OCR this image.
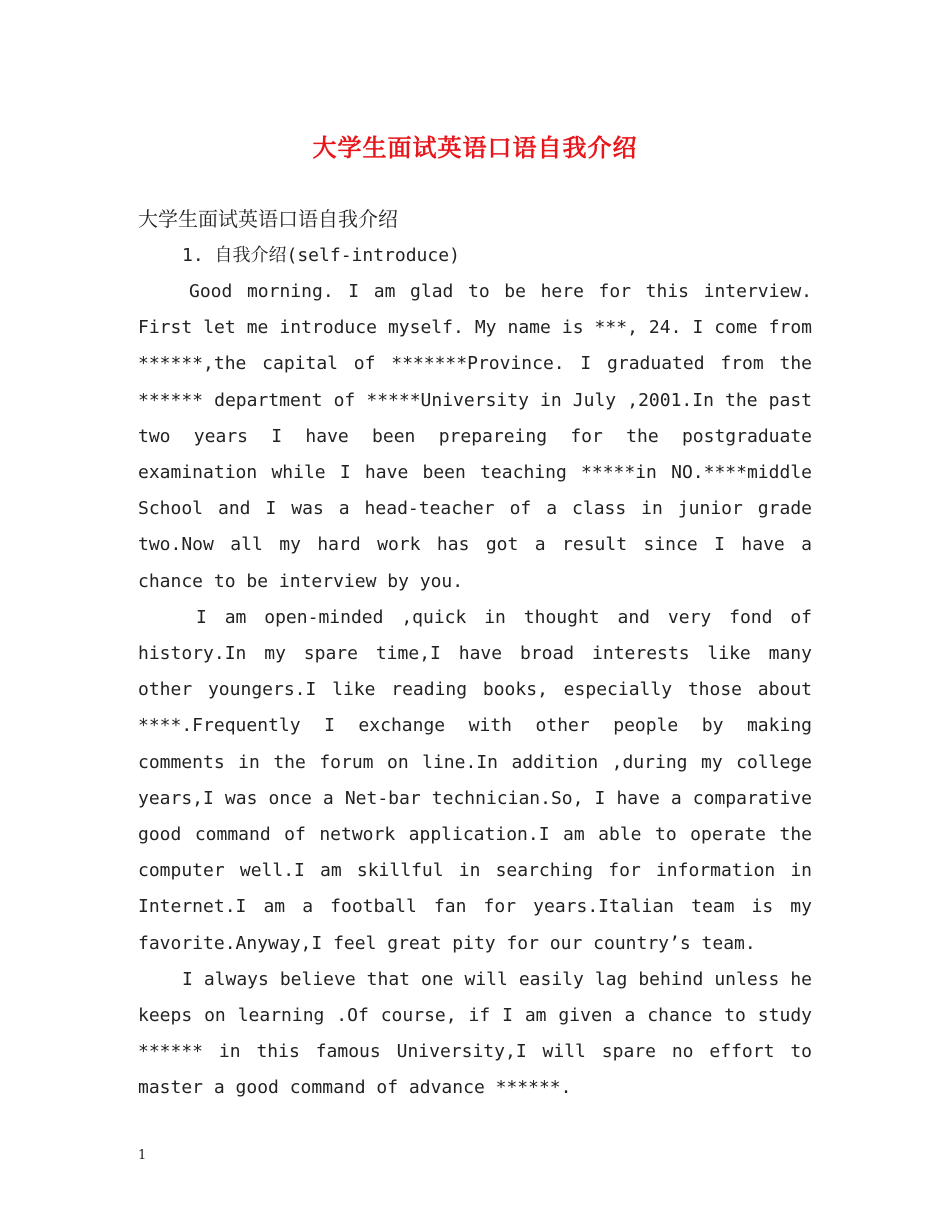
大学生面试英语口语自我介绍

大学生面试英语口语自我介绍

1. 自我介绍(self-introduce)

Good morning. I am glad to be here for this interview. First let me introduce myself. My name is ***, 24. I come from ******,the capital of *******Province. I graduated from the ****** department of *****University in July ,2001.In the past two years I have been prepareing for the postgraduate examination while I have been teaching *****in NO.****middle School and I was a head-teacher of a class in junior grade two.Now all my hard work has got a result since I have a chance to be interview by you.

I am open-minded ,quick in thought and very fond of history.In my spare time,I have broad interests like many other youngers.I like reading books, especially those about ****.Frequently I exchange with other people by making comments in the forum on line.In addition ,during my college years,I was once a Net-bar technician.So, I have a comparative good command of network application.I am able to operate the computer well.I am skillful in searching for information in Internet.I am a football fan for years.Italian team is my favorite.Anyway,I feel great pity for our country’s team.

I always believe that one will easily lag behind unless he keeps on learning .Of course, if I am given a chance to study ****** in this famous University,I will spare no effort to master a good command of advance ******.

1
